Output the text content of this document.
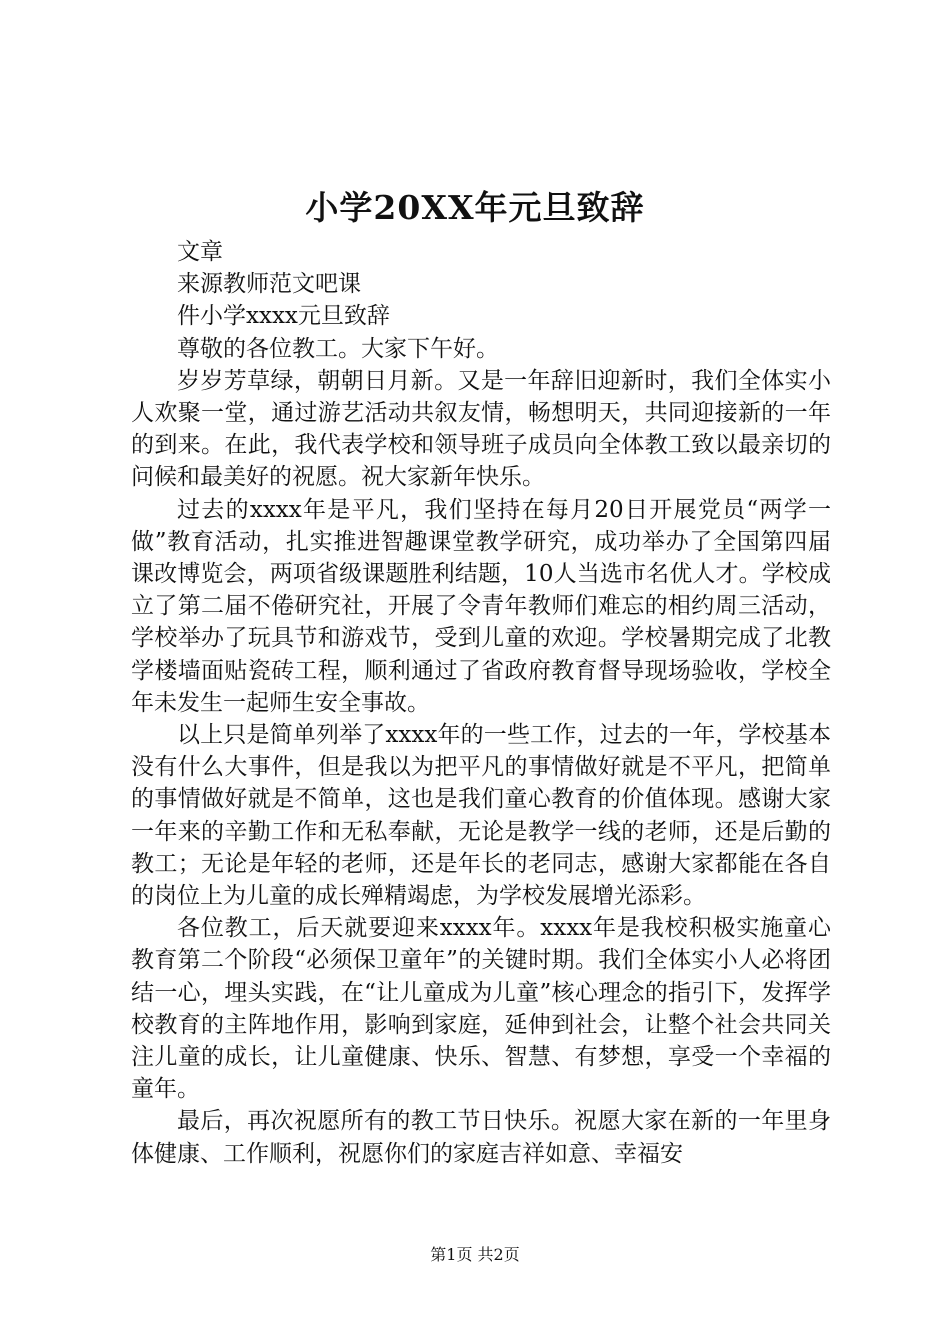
小学20XX年元旦致辞

文章

来源教师范文吧课

件小学xxxx元旦致辞

尊敬的各位教工。大家下午好。

岁岁芳草绿，朝朝日月新。又是一年辞旧迎新时，我们全体实小人欢聚一堂，通过游艺活动共叙友情，畅想明天，共同迎接新的一年的到来。在此，我代表学校和领导班子成员向全体教工致以最亲切的问候和最美好的祝愿。祝大家新年快乐。

过去的xxxx年是平凡，我们坚持在每月20日开展党员“两学一做”教育活动，扎实推进智趣课堂教学研究，成功举办了全国第四届课改博览会，两项省级课题胜利结题，10人当选市名优人才。学校成立了第二届不倦研究社，开展了令青年教师们难忘的相约周三活动，学校举办了玩具节和游戏节，受到儿童的欢迎。学校暑期完成了北教学楼墙面贴瓷砖工程，顺利通过了省政府教育督导现场验收，学校全年未发生一起师生安全事故。

以上只是简单列举了xxxx年的一些工作，过去的一年，学校基本没有什么大事件，但是我以为把平凡的事情做好就是不平凡，把简单的事情做好就是不简单，这也是我们童心教育的价值体现。感谢大家一年来的辛勤工作和无私奉献，无论是教学一线的老师，还是后勤的教工；无论是年轻的老师，还是年长的老同志，感谢大家都能在各自的岗位上为儿童的成长殚精竭虑，为学校发展增光添彩。

各位教工，后天就要迎来xxxx年。xxxx年是我校积极实施童心教育第二个阶段“必须保卫童年”的关键时期。我们全体实小人必将团结一心，埋头实践，在“让儿童成为儿童”核心理念的指引下，发挥学校教育的主阵地作用，影响到家庭，延伸到社会，让整个社会共同关注儿童的成长，让儿童健康、快乐、智慧、有梦想，享受一个幸福的童年。

最后，再次祝愿所有的教工节日快乐。祝愿大家在新的一年里身体健康、工作顺利，祝愿你们的家庭吉祥如意、幸福安

第1页 共2页
